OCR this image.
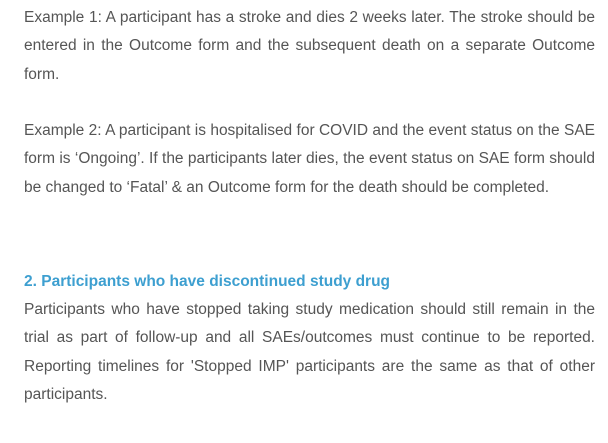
Example 1: A participant has a stroke and dies 2 weeks later. The stroke should be entered in the Outcome form and the subsequent death on a separate Outcome form.

Example 2: A participant is hospitalised for COVID and the event status on the SAE form is ‘Ongoing’. If the participants later dies, the event status on SAE form should be changed to ‘Fatal’ & an Outcome form for the death should be completed.

2. Participants who have discontinued study drug

Participants who have stopped taking study medication should still remain in the trial as part of follow-up and all SAEs/outcomes must continue to be reported. Reporting timelines for 'Stopped IMP' participants are the same as that of other participants.
